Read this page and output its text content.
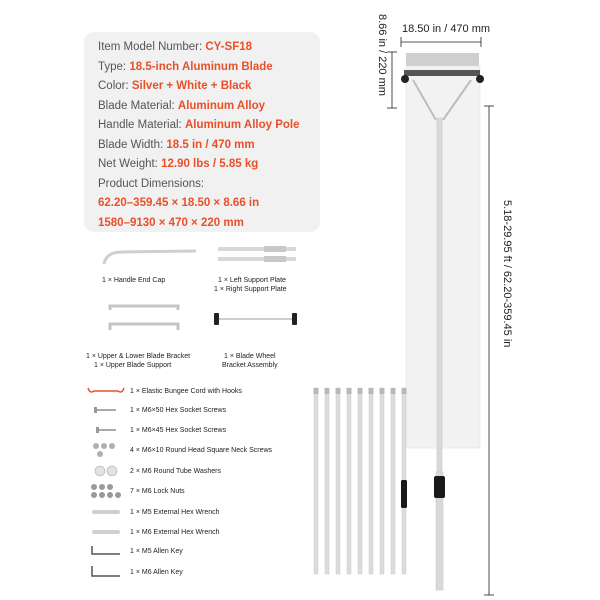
Item Model Number: CY-SF18
Type: 18.5-inch Aluminum Blade
Color: Silver + White + Black
Blade Material: Aluminum Alloy
Handle Material: Aluminum Alloy Pole
Blade Width: 18.5 in / 470 mm
Net Weight: 12.90 lbs / 5.85 kg
Product Dimensions:
62.20–359.45 × 18.50 × 8.66 in
1580–9130 × 470 × 220 mm
18.50 in / 470 mm
8.66 in / 220 mm
5.18-29.95 ft / 62.20-359.45 in
1 × Handle End Cap	1 × Left Support Plate
1 × Right Support Plate
1 × Upper & Lower Blade Bracket
1 × Upper Blade Support
1 × Blade Wheel
Bracket Assembly
1 × Elastic Bungee Cord with Hooks
1 × M6×50 Hex Socket Screws
1 × M6×45 Hex Socket Screws
4 × M6×10 Round Head Square Neck Screws
2 × M6 Round Tube Washers
7 × M6 Lock Nuts
1 × M5 External Hex Wrench
1 × M6 External Hex Wrench
1 × M5 Allen Key
1 × M6 Allen Key
